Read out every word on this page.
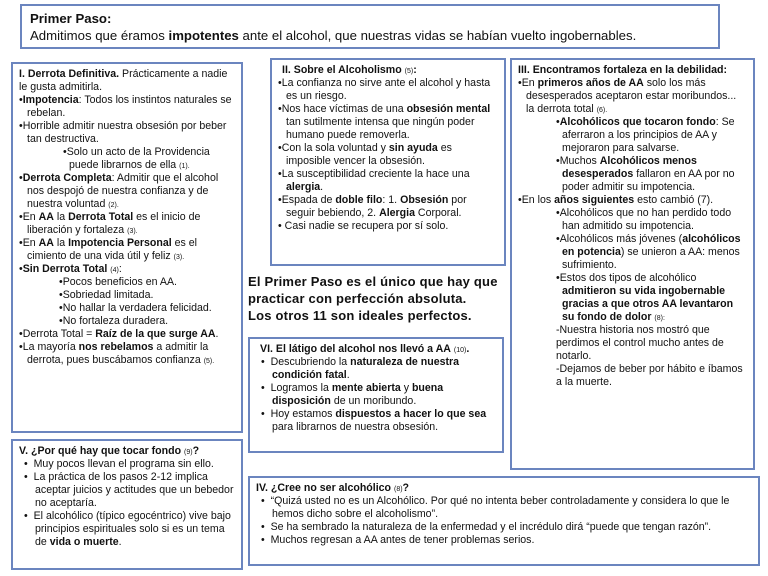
Primer Paso:
Admitimos que éramos impotentes ante el alcohol, que nuestras vidas se habían vuelto ingobernables.
I. Derrota Definitiva. Prácticamente a nadie le gusta admitirla.
•Impotencia: Todos los instintos naturales se rebelan.
•Horrible admitir nuestra obsesión por beber tan destructiva.
•Solo un acto de la Providencia puede librarnos de ella (1).
•Derrota Completa: Admitir que el alcohol nos despojó de nuestra confianza y de nuestra voluntad (2).
•En AA la Derrota Total es el inicio de liberación y fortaleza (3).
•En AA la Impotencia Personal es el cimiento de una vida útil y feliz (3).
•Sin Derrota Total (4):
•Pocos beneficios en AA.
•Sobriedad limitada.
•No hallar la verdadera felicidad.
•No fortaleza duradera.
•Derrota Total = Raíz de la que surge AA.
•La mayoría nos rebelamos a admitir la derrota, pues buscábamos confianza (5).
II. Sobre el Alcoholismo (5):
•La confianza no sirve ante el alcohol y hasta es un riesgo.
•Nos hace víctimas de una obsesión mental tan sutilmente intensa que ningún poder humano puede removerla.
•Con la sola voluntad y sin ayuda es imposible vencer la obsesión.
•La susceptibilidad creciente la hace una alergia.
•Espada de doble filo: 1. Obsesión por seguir bebiendo, 2. Alergia Corporal.
• Casi nadie se recupera por sí solo.
El Primer Paso es el único que hay que
practicar con perfección absoluta.
Los otros 11 son ideales perfectos.
III. Encontramos fortaleza en la debilidad:
•En primeros años de AA solo los más desesperados aceptaron estar moribundos... la derrota total (6).
•Alcohólicos que tocaron fondo: Se aferraron a los principios de AA y mejoraron para salvarse.
•Muchos Alcohólicos menos desesperados fallaron en AA por no poder admitir su impotencia.
•En los años siguientes esto cambió (7).
•Alcohólicos que no han perdido todo han admitido su impotencia.
•Alcohólicos más jóvenes (alcohólicos en potencia) se unieron a AA: menos sufrimiento.
•Estos dos tipos de alcohólico admitieron su vida ingobernable gracias a que otros AA levantaron su fondo de dolor (8):
-Nuestra historia nos mostró que perdimos el control mucho antes de notarlo.
-Dejamos de beber por hábito e íbamos a la muerte.
VI. El látigo del alcohol nos llevó a AA (10).
•  Descubriendo la naturaleza de nuestra condición fatal.
•  Logramos la mente abierta y buena disposición de un moribundo.
•  Hoy estamos dispuestos a hacer lo que sea para librarnos de nuestra obsesión.
V. ¿Por qué hay que tocar fondo (9)?
•  Muy pocos llevan el programa sin ello.
•  La práctica de los pasos 2-12 implica aceptar juicios y actitudes que un bebedor no aceptaría.
•  El alcohólico (típico egocéntrico) vive bajo principios espirituales solo si es un tema de vida o muerte.
IV. ¿Cree no ser alcohólico (8)?
•  “Quizá usted no es un Alcohólico. Por qué no intenta beber controladamente y considera lo que le hemos dicho sobre el alcoholismo”.
•  Se ha sembrado la naturaleza de la enfermedad y el incrédulo dirá “puede que tengan razón”.
•  Muchos regresan a AA antes de tener problemas serios.
